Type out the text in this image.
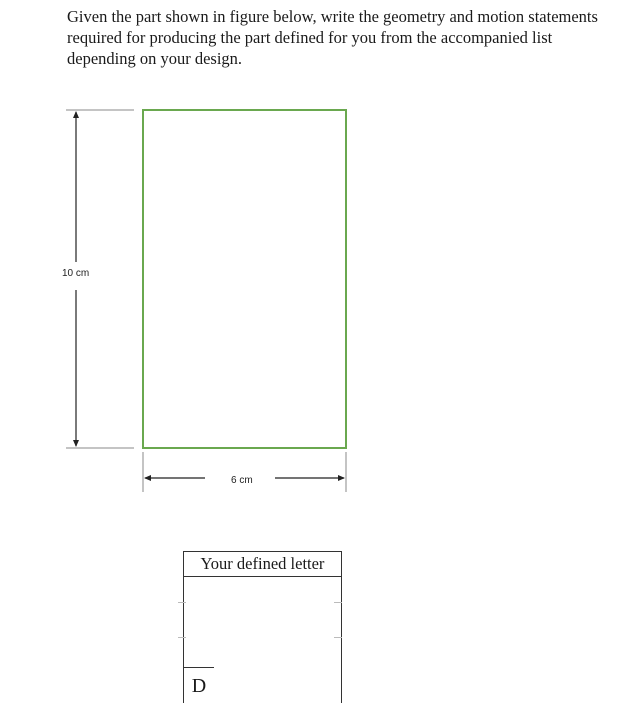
Given the part shown in figure below, write the geometry and motion statements required for producing the part defined for you from the accompanied list depending on your design.

10 cm
6 cm
Your defined letter
D
